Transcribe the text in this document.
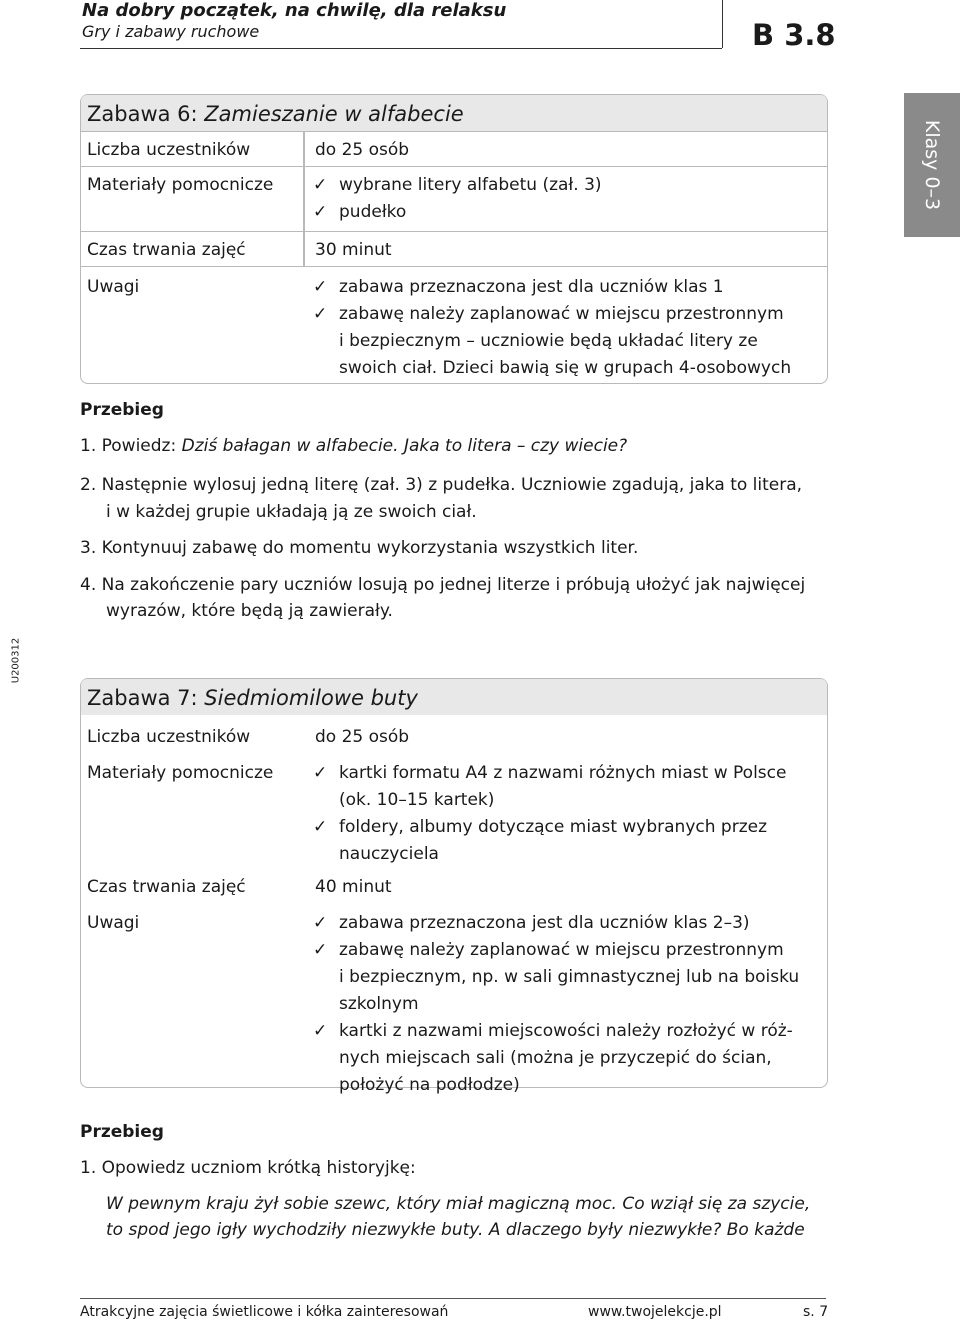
Na dobry początek, na chwilę, dla relaksu
Gry i zabawy ruchowe	B 3.8
Klasy 0–3
U200312
Zabawa 6: Zamieszanie w alfabecie
Liczba uczestników	do 25 osób
Materiały pomocnicze ✓ wybrane litery alfabetu (zał. 3)
✓ pudełko
Czas trwania zajęć	30 minut
Uwagi	✓ zabawa przeznaczona jest dla uczniów klas 1
✓ zabawę należy zaplanować w miejscu przestronnym
i bezpiecznym – uczniowie będą układać litery ze
swoich ciał. Dzieci bawią się w grupach 4-osobowych
Przebieg
1. Powiedz: Dziś bałagan w alfabecie. Jaka to litera – czy wiecie?
2. Następnie wylosuj jedną literę (zał. 3) z pudełka. Uczniowie zgadują, jaka to litera,
i w każdej grupie układają ją ze swoich ciał.
3. Kontynuuj zabawę do momentu wykorzystania wszystkich liter.
4. Na zakończenie pary uczniów losują po jednej literze i próbują ułożyć jak najwięcej
wyrazów, które będą ją zawierały.
Zabawa 7: Siedmiomilowe buty
Liczba uczestników	do 25 osób
Materiały pomocnicze ✓ kartki formatu A4 z nazwami różnych miast w Polsce
(ok. 10–15 kartek)
✓ foldery, albumy dotyczące miast wybranych przez
nauczyciela
Czas trwania zajęć	40 minut
Uwagi	✓ zabawa przeznaczona jest dla uczniów klas 2–3)
✓ zabawę należy zaplanować w miejscu przestronnym
i bezpiecznym, np. w sali gimnastycznej lub na boisku
szkolnym
✓ kartki z nazwami miejscowości należy rozłożyć w róż-
nych miejscach sali (można je przyczepić do ścian,
położyć na podłodze)
Przebieg
1. Opowiedz uczniom krótką historyjkę:
W pewnym kraju żył sobie szewc, który miał magiczną moc. Co wziął się za szycie,
to spod jego igły wychodziły niezwykłe buty. A dlaczego były niezwykłe? Bo każde
Atrakcyjne zajęcia świetlicowe i kółka zainteresowań	www.twojelekcje.pl	s. 7
